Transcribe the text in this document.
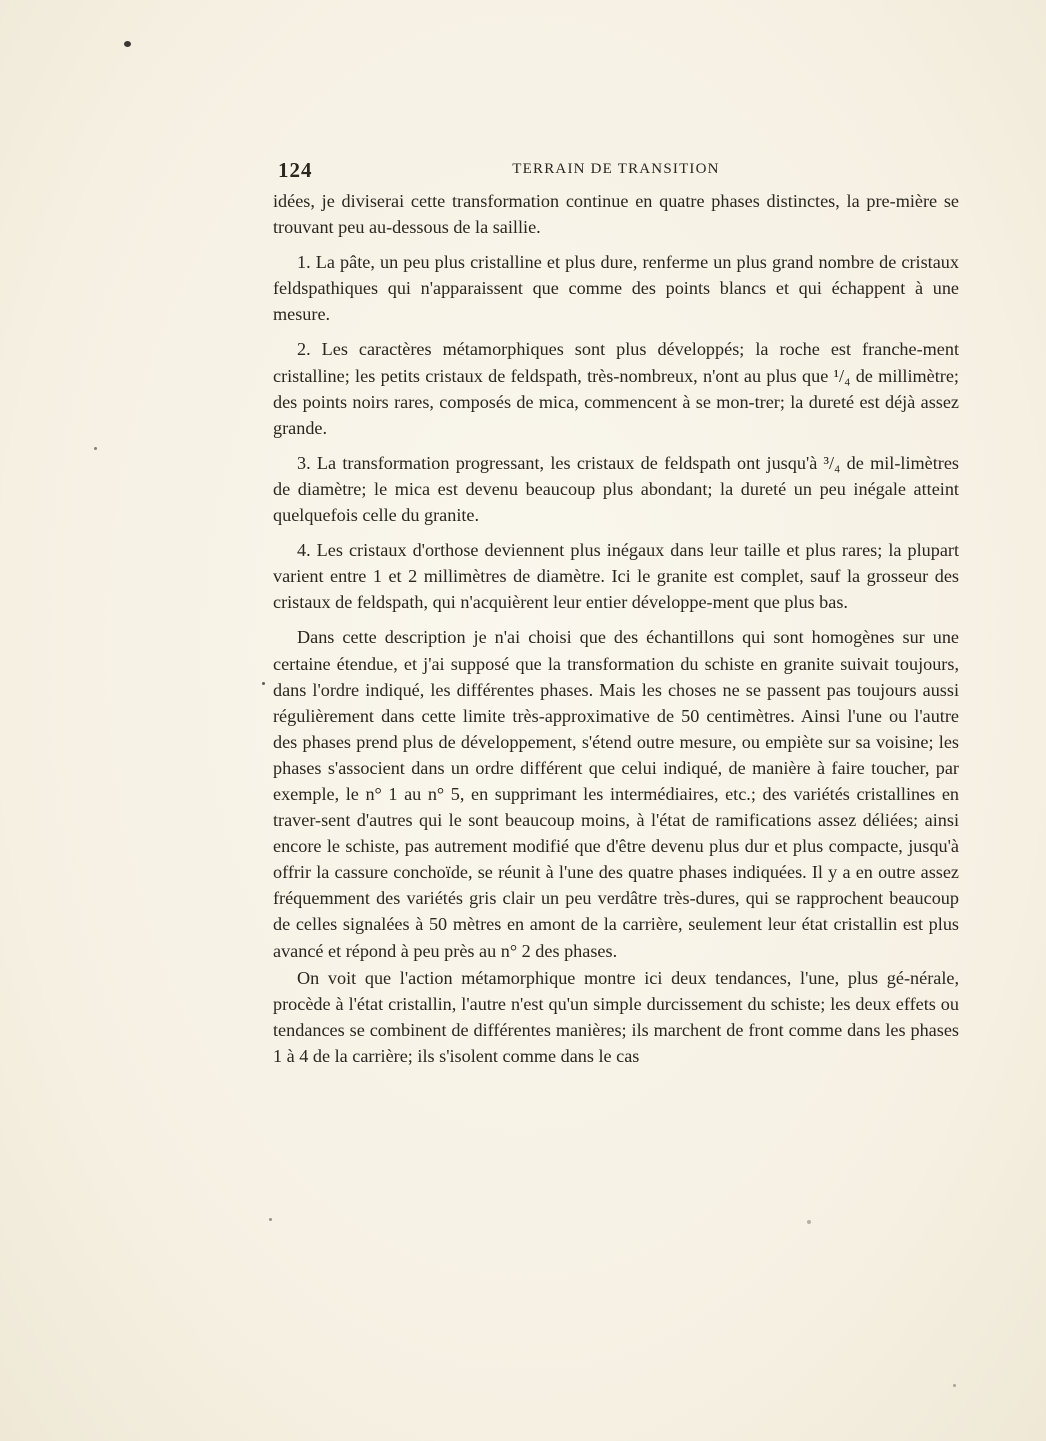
124	TERRAIN DE TRANSITION

idées, je diviserai cette transformation continue en quatre phases distinctes, la pre-mière se trouvant peu au-dessous de la saillie.

1. La pâte, un peu plus cristalline et plus dure, renferme un plus grand nombre de cristaux feldspathiques qui n'apparaissent que comme des points blancs et qui échappent à une mesure.

2. Les caractères métamorphiques sont plus développés; la roche est franche-ment cristalline; les petits cristaux de feldspath, très-nombreux, n'ont au plus que ¹/₄ de millimètre; des points noirs rares, composés de mica, commencent à se mon-trer; la dureté est déjà assez grande.

3. La transformation progressant, les cristaux de feldspath ont jusqu'à ³/₄ de mil-limètres de diamètre; le mica est devenu beaucoup plus abondant; la dureté un peu inégale atteint quelquefois celle du granite.

4. Les cristaux d'orthose deviennent plus inégaux dans leur taille et plus rares; la plupart varient entre 1 et 2 millimètres de diamètre. Ici le granite est complet, sauf la grosseur des cristaux de feldspath, qui n'acquièrent leur entier développe-ment que plus bas.

Dans cette description je n'ai choisi que des échantillons qui sont homogènes sur une certaine étendue, et j'ai supposé que la transformation du schiste en granite suivait toujours, dans l'ordre indiqué, les différentes phases. Mais les choses ne se passent pas toujours aussi régulièrement dans cette limite très-approximative de 50 centimètres. Ainsi l'une ou l'autre des phases prend plus de développement, s'étend outre mesure, ou empiète sur sa voisine; les phases s'associent dans un ordre différent que celui indiqué, de manière à faire toucher, par exemple, le n° 1 au n° 5, en supprimant les intermédiaires, etc.; des variétés cristallines en traver-sent d'autres qui le sont beaucoup moins, à l'état de ramifications assez déliées; ainsi encore le schiste, pas autrement modifié que d'être devenu plus dur et plus compacte, jusqu'à offrir la cassure conchoïde, se réunit à l'une des quatre phases indiquées. Il y a en outre assez fréquemment des variétés gris clair un peu verdâtre très-dures, qui se rapprochent beaucoup de celles signalées à 50 mètres en amont de la carrière, seulement leur état cristallin est plus avancé et répond à peu près au n° 2 des phases.

On voit que l'action métamorphique montre ici deux tendances, l'une, plus gé-nérale, procède à l'état cristallin, l'autre n'est qu'un simple durcissement du schiste; les deux effets ou tendances se combinent de différentes manières; ils marchent de front comme dans les phases 1 à 4 de la carrière; ils s'isolent comme dans le cas
